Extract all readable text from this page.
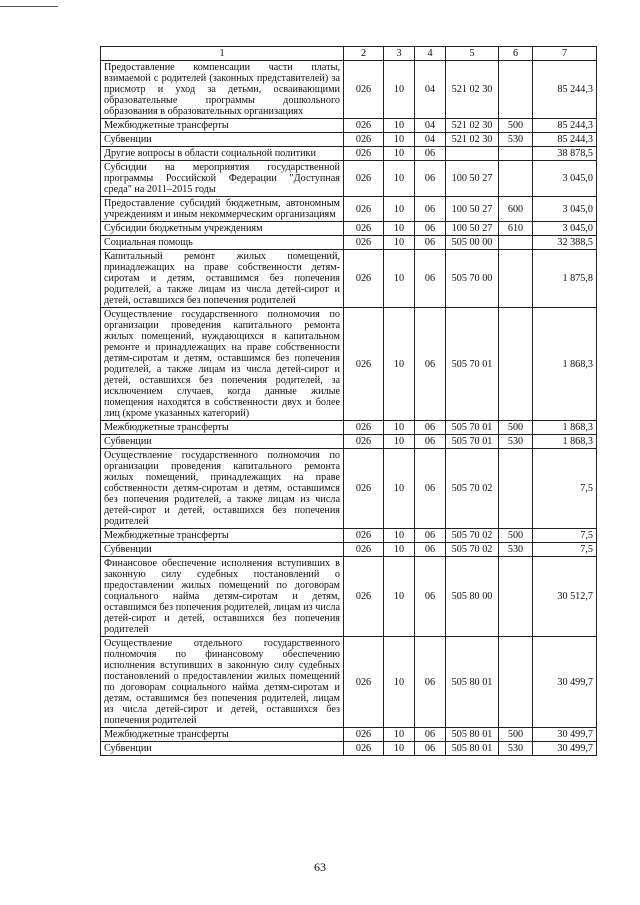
1	2	3	4	5	6	7
Предоставление компенсации части платы, взимаемой с родителей (законных представителей) за присмотр и уход за детьми, осваивающими образовательные программы дошкольного образования в образовательных организациях	026	10	04	521 02 30		85 244,3
Межбюджетные трансферты	026	10	04	521 02 30	500	85 244,3
Субвенции	026	10	04	521 02 30	530	85 244,3
Другие вопросы в области социальной политики	026	10	06			38 878,5
Субсидии на мероприятия государственной программы Российской Федерации "Доступная среда" на 2011–2015 годы	026	10	06	100 50 27		3 045,0
Предоставление субсидий бюджетным, автономным учреждениям и иным некоммерческим организациям	026	10	06	100 50 27	600	3 045,0
Субсидии бюджетным учреждениям	026	10	06	100 50 27	610	3 045,0
Социальная помощь	026	10	06	505 00 00		32 388,5
Капитальный ремонт жилых помещений, принадлежащих на праве собственности детям-сиротам и детям, оставшимся без попечения родителей, а также лицам из числа детей-сирот и детей, оставшихся без попечения родителей	026	10	06	505 70 00		1 875,8
Осуществление государственного полномочия по организации проведения капитального ремонта жилых помещений, нуждающихся в капитальном ремонте и принадлежащих на праве собственности детям-сиротам и детям, оставшимся без попечения родителей, а также лицам из числа детей-сирот и детей, оставшихся без попечения родителей, за исключением случаев, когда данные жилые помещения находятся в собственности двух и более лиц (кроме указанных категорий)	026	10	06	505 70 01		1 868,3
Межбюджетные трансферты	026	10	06	505 70 01	500	1 868,3
Субвенции	026	10	06	505 70 01	530	1 868,3
Осуществление государственного полномочия по организации проведения капитального ремонта жилых помещений, принадлежащих на праве собственности детям-сиротам и детям, оставшимся без попечения родителей, а также лицам из числа детей-сирот и детей, оставшихся без попечения родителей	026	10	06	505 70 02		7,5
Межбюджетные трансферты	026	10	06	505 70 02	500	7,5
Субвенции	026	10	06	505 70 02	530	7,5
Финансовое обеспечение исполнения вступивших в законную силу судебных постановлений о предоставлении жилых помещений по договорам социального найма детям-сиротам и детям, оставшимся без попечения родителей, лицам из числа детей-сирот и детей, оставшихся без попечения родителей	026	10	06	505 80 00		30 512,7
Осуществление отдельного государственного полномочия по финансовому обеспечению исполнения вступивших в законную силу судебных постановлений о предоставлении жилых помещений по договорам социального найма детям-сиротам и детям, оставшимся без попечения родителей, лицам из числа детей-сирот и детей, оставшихся без попечения родителей	026	10	06	505 80 01		30 499,7
Межбюджетные трансферты	026	10	06	505 80 01	500	30 499,7
Субвенции	026	10	06	505 80 01	530	30 499,7
63
